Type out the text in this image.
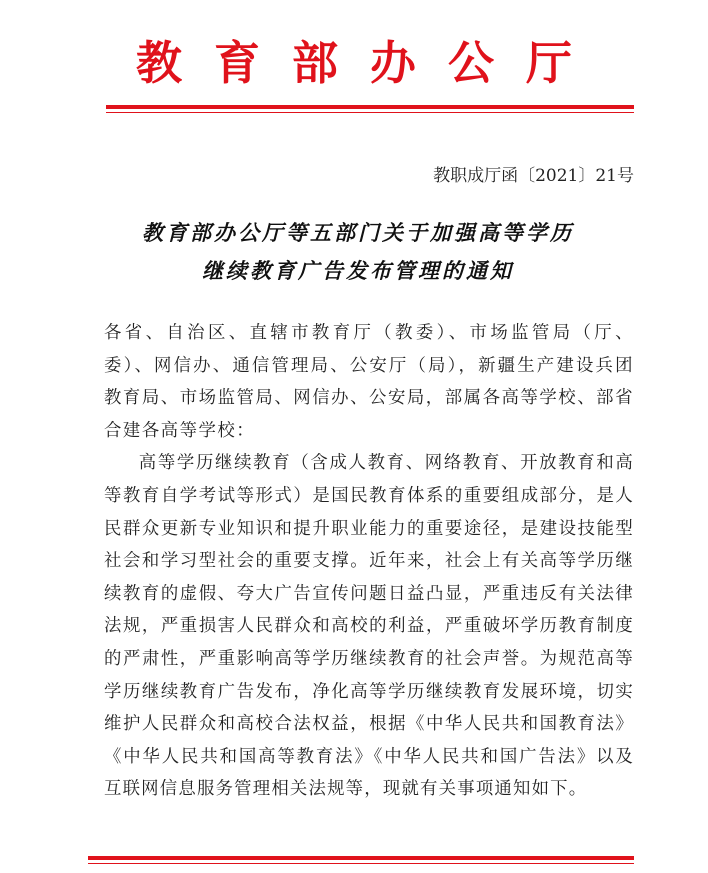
教育部办公厅
教职成厅函〔2021〕21号
教育部办公厅等五部门关于加强高等学历
继续教育广告发布管理的通知

各省、自治区、直辖市教育厅（教委）、市场监管局（厅、委）、网信办、通信管理局、公安厅（局），新疆生产建设兵团教育局、市场监管局、网信办、公安局，部属各高等学校、部省合建各高等学校：

高等学历继续教育（含成人教育、网络教育、开放教育和高等教育自学考试等形式）是国民教育体系的重要组成部分，是人民群众更新专业知识和提升职业能力的重要途径，是建设技能型社会和学习型社会的重要支撑。近年来，社会上有关高等学历继续教育的虚假、夸大广告宣传问题日益凸显，严重违反有关法律法规，严重损害人民群众和高校的利益，严重破坏学历教育制度的严肃性，严重影响高等学历继续教育的社会声誉。为规范高等学历继续教育广告发布，净化高等学历继续教育发展环境，切实维护人民群众和高校合法权益，根据《中华人民共和国教育法》《中华人民共和国高等教育法》《中华人民共和国广告法》以及互联网信息服务管理相关法规等，现就有关事项通知如下。
